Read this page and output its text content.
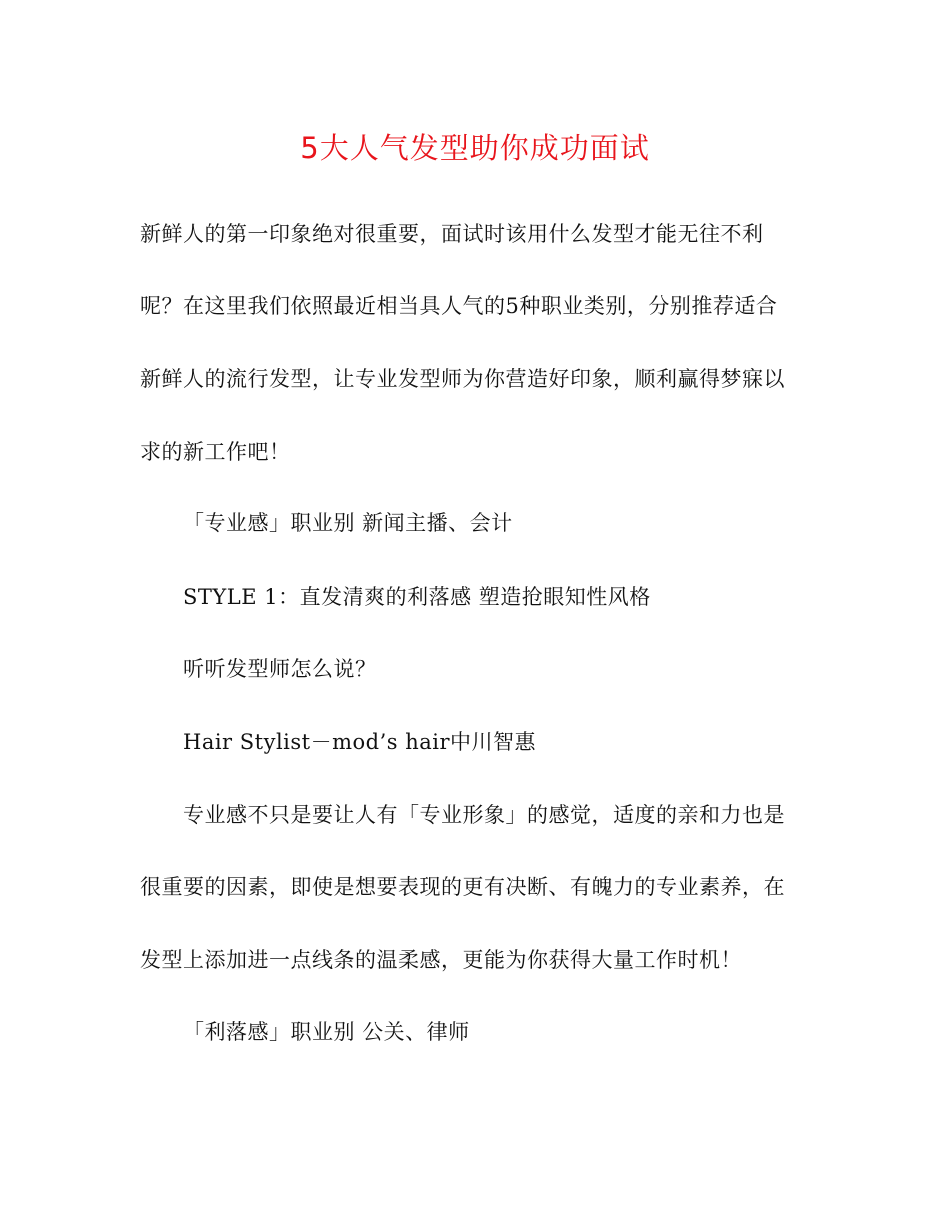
5大人气发型助你成功面试
新鲜人的第一印象绝对很重要，面试时该用什么发型才能无往不利
呢？在这里我们依照最近相当具人气的5种职业类别，分别推荐适合
新鲜人的流行发型，让专业发型师为你营造好印象，顺利赢得梦寐以
求的新工作吧！
「专业感」职业别 新闻主播、会计
STYLE 1：直发清爽的利落感 塑造抢眼知性风格
听听发型师怎么说？
Hair Stylist－mod’s hair中川智惠
专业感不只是要让人有「专业形象」的感觉，适度的亲和力也是
很重要的因素，即使是想要表现的更有决断、有魄力的专业素养，在
发型上添加进一点线条的温柔感，更能为你获得大量工作时机！
「利落感」职业别 公关、律师
